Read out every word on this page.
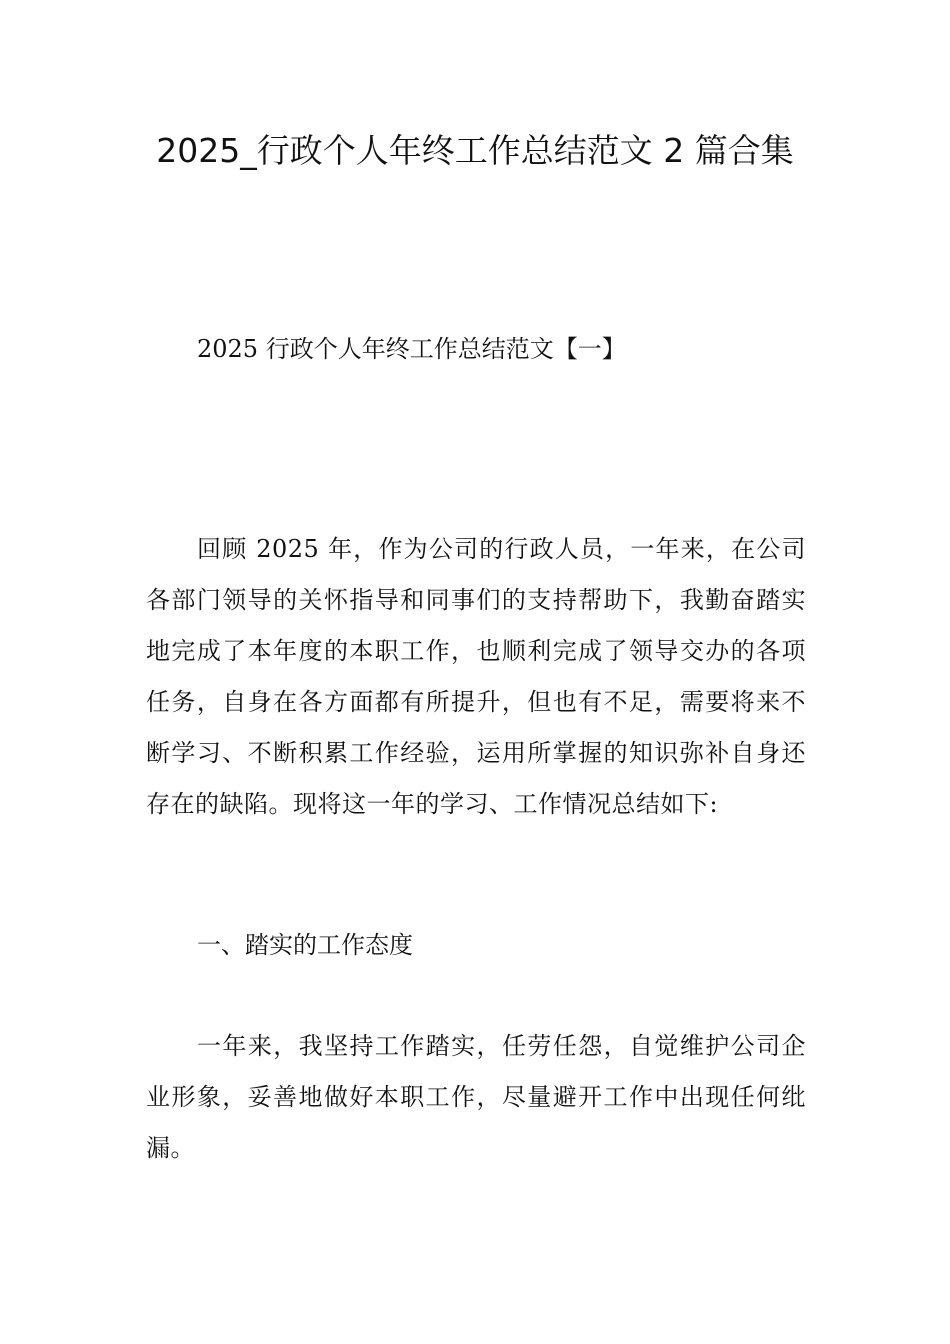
2025_行政个人年终工作总结范文 2 篇合集
2025 行政个人年终工作总结范文【一】
回顾 2025 年，作为公司的行政人员，一年来，在公司各部门领导的关怀指导和同事们的支持帮助下，我勤奋踏实地完成了本年度的本职工作，也顺利完成了领导交办的各项任务，自身在各方面都有所提升，但也有不足，需要将来不断学习、不断积累工作经验，运用所掌握的知识弥补自身还存在的缺陷。现将这一年的学习、工作情况总结如下:
一、踏实的工作态度
一年来，我坚持工作踏实，任劳任怨，自觉维护公司企业形象，妥善地做好本职工作，尽量避开工作中出现任何纰漏。
